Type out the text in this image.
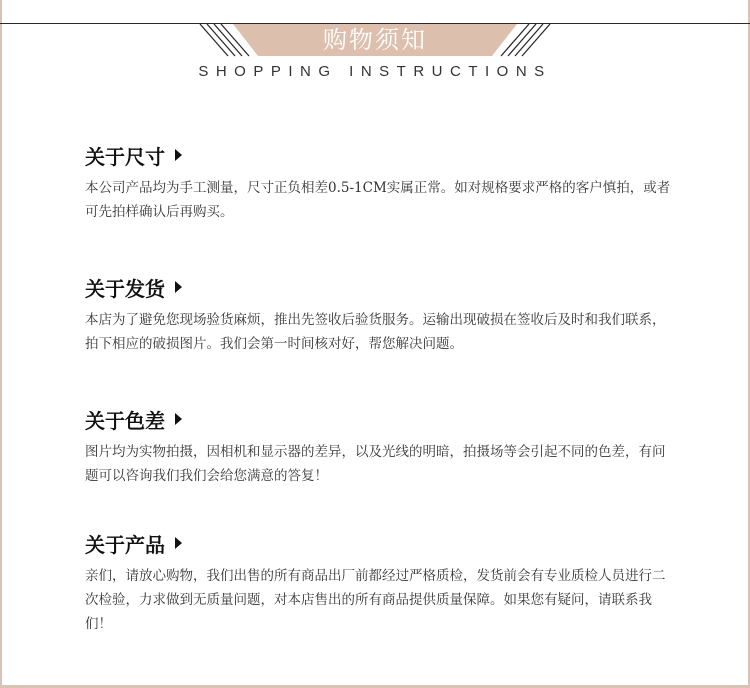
购物须知
SHOPPING INSTRUCTIONS
关于尺寸

本公司产品均为手工测量，尺寸正负相差0.5-1CM实属正常。如对规格要求严格的客户慎拍，或者可先拍样确认后再购买。

关于发货

本店为了避免您现场验货麻烦，推出先签收后验货服务。运输出现破损在签收后及时和我们联系，拍下相应的破损图片。我们会第一时间核对好，帮您解决问题。

关于色差

图片均为实物拍摄，因相机和显示器的差异，以及光线的明暗，拍摄场等会引起不同的色差，有问题可以咨询我们我们会给您满意的答复！

关于产品

亲们，请放心购物，我们出售的所有商品出厂前都经过严格质检，发货前会有专业质检人员进行二次检验，力求做到无质量问题，对本店售出的所有商品提供质量保障。如果您有疑问，请联系我们！
